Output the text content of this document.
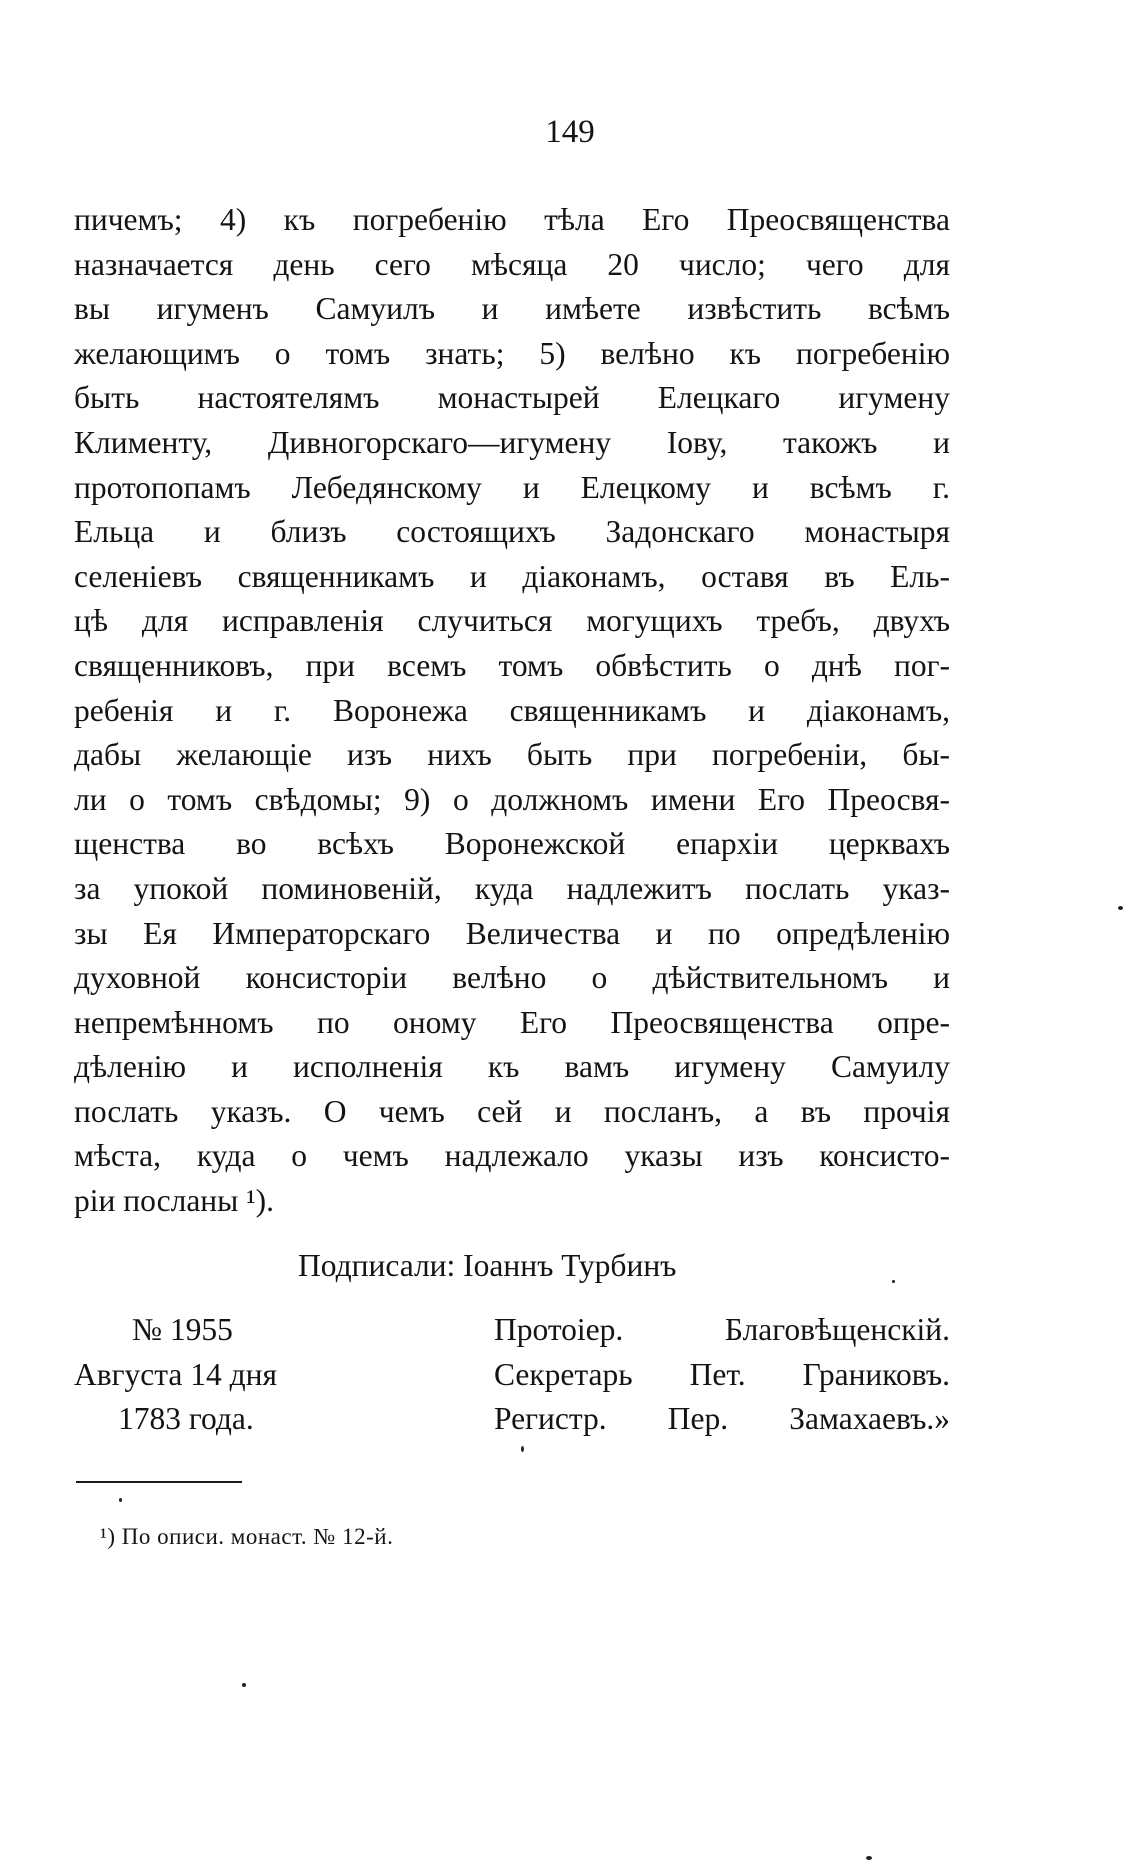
149
пичемъ; 4) къ погребенію тѣла Его Преосвященства
назначается день сего мѣсяца 20 число; чего для
вы игуменъ Самуилъ и имѣете извѣстить всѣмъ
желающимъ о томъ знать; 5) велѣно къ погребенію
быть настоятелямъ монастырей Елецкаго игумену
Клименту, Дивногорскаго—игумену Іову, такожъ и
протопопамъ Лебедянскому и Елецкому и всѣмъ г.
Ельца и близъ состоящихъ Задонскаго монастыря
селеніевъ священникамъ и діаконамъ, оставя въ Ель-
цѣ для исправленія случиться могущихъ требъ, двухъ
священниковъ, при всемъ томъ обвѣстить о днѣ пог-
ребенія и г. Воронежа священникамъ и діаконамъ,
дабы желающіе изъ нихъ быть при погребеніи, бы-
ли о томъ свѣдомы; 9) о должномъ имени Его Преосвя-
щенства во всѣхъ Воронежской епархіи церквахъ
за упокой поминовеній, куда надлежитъ послать указ-
зы Ея Императорскаго Величества и по опредѣленію
духовной консисторіи велѣно о дѣйствительномъ и
непремѣнномъ по оному Его Преосвященства опре-
дѣленію и исполненія къ вамъ игумену Самуилу
послать указъ. О чемъ сей и посланъ, а въ прочія
мѣста, куда о чемъ надлежало указы изъ консисто-
ріи посланы ¹).
Подписали: Іоаннъ Турбинъ
№ 1955
Августа 14 дня
1783 года.
Протоіер. Благовѣщенскій.
Секретарь Пет. Граниковъ.
Регистр. Пер. Замахаевъ.»
¹) По описи. монаст. № 12-й.
